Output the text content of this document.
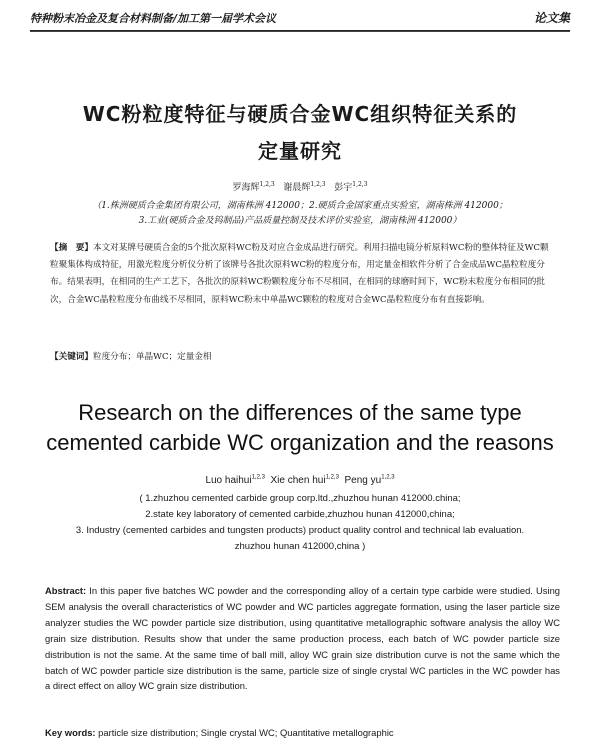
特种粉末冶金及复合材料制备/加工第一届学术会议	论文集
WC粉粒度特征与硬质合金WC组织特征关系的
定量研究
罗海辉$^{1,2,3}$ 谢晨辉$^{1,2,3}$ 彭宇$^{1,2,3}$
（1.株洲硬质合金集团有限公司，湖南株洲 412000；2.硬质合金国家重点实验室，湖南株洲 412000；
3.工业(硬质合金及钨制品)产品质量控制及技术评价实验室，湖南株洲 412000）
【摘　要】本文对某牌号硬质合金的5个批次原料WC粉及对应合金成品进行研究。利用扫描电镜分析原料WC粉的整体特征及WC颗粒聚集体构成特征，用激光粒度分析仪分析了该牌号各批次原料WC粉的粒度分布，用定量金相软件分析了合金成品WC晶粒粒度分布。结果表明，在相同的生产工艺下，各批次的原料WC粉颗粒度分布不尽相同，在相同的球磨时间下，WC粉末粒度分布相同的批次，合金WC晶粒粒度分布曲线不尽相同，原料WC粉末中单晶WC颗粒的粒度对合金WC晶粒粒度分布有直接影响。
【关键词】粒度分布；单晶WC；定量金相
Research on the differences of the same type
cemented carbide WC organization and the reasons
Luo haihui$^{1,2,3}$ Xie chen hui$^{1,2,3}$ Peng yu$^{1,2,3}$
( 1.zhuzhou cemented carbide group corp.ltd.,zhuzhou hunan 412000.china;
2.state key laboratory of cemented carbide,zhuzhou hunan 412000,china;
3. Industry (cemented carbides and tungsten products) product quality control and technical lab evaluation.
zhuzhou hunan 412000,china )
Abstract: In this paper five batches WC powder and the corresponding alloy of a certain type carbide were studied. Using SEM analysis the overall characteristics of WC powder and WC particles aggregate formation, using the laser particle size analyzer studies the WC powder particle size distribution, using quantitative metallographic software analysis the alloy WC grain size distribution. Results show that under the same production process, each batch of WC powder particle size distribution is not the same. At the same time of ball mill, alloy WC grain size distribution curve is not the same which the batch of WC powder particle size distribution is the same, particle size of single crystal WC particles in the WC powder has a direct effect on alloy WC grain size distribution.
Key words: particle size distribution; Single crystal WC; Quantitative metallographic
